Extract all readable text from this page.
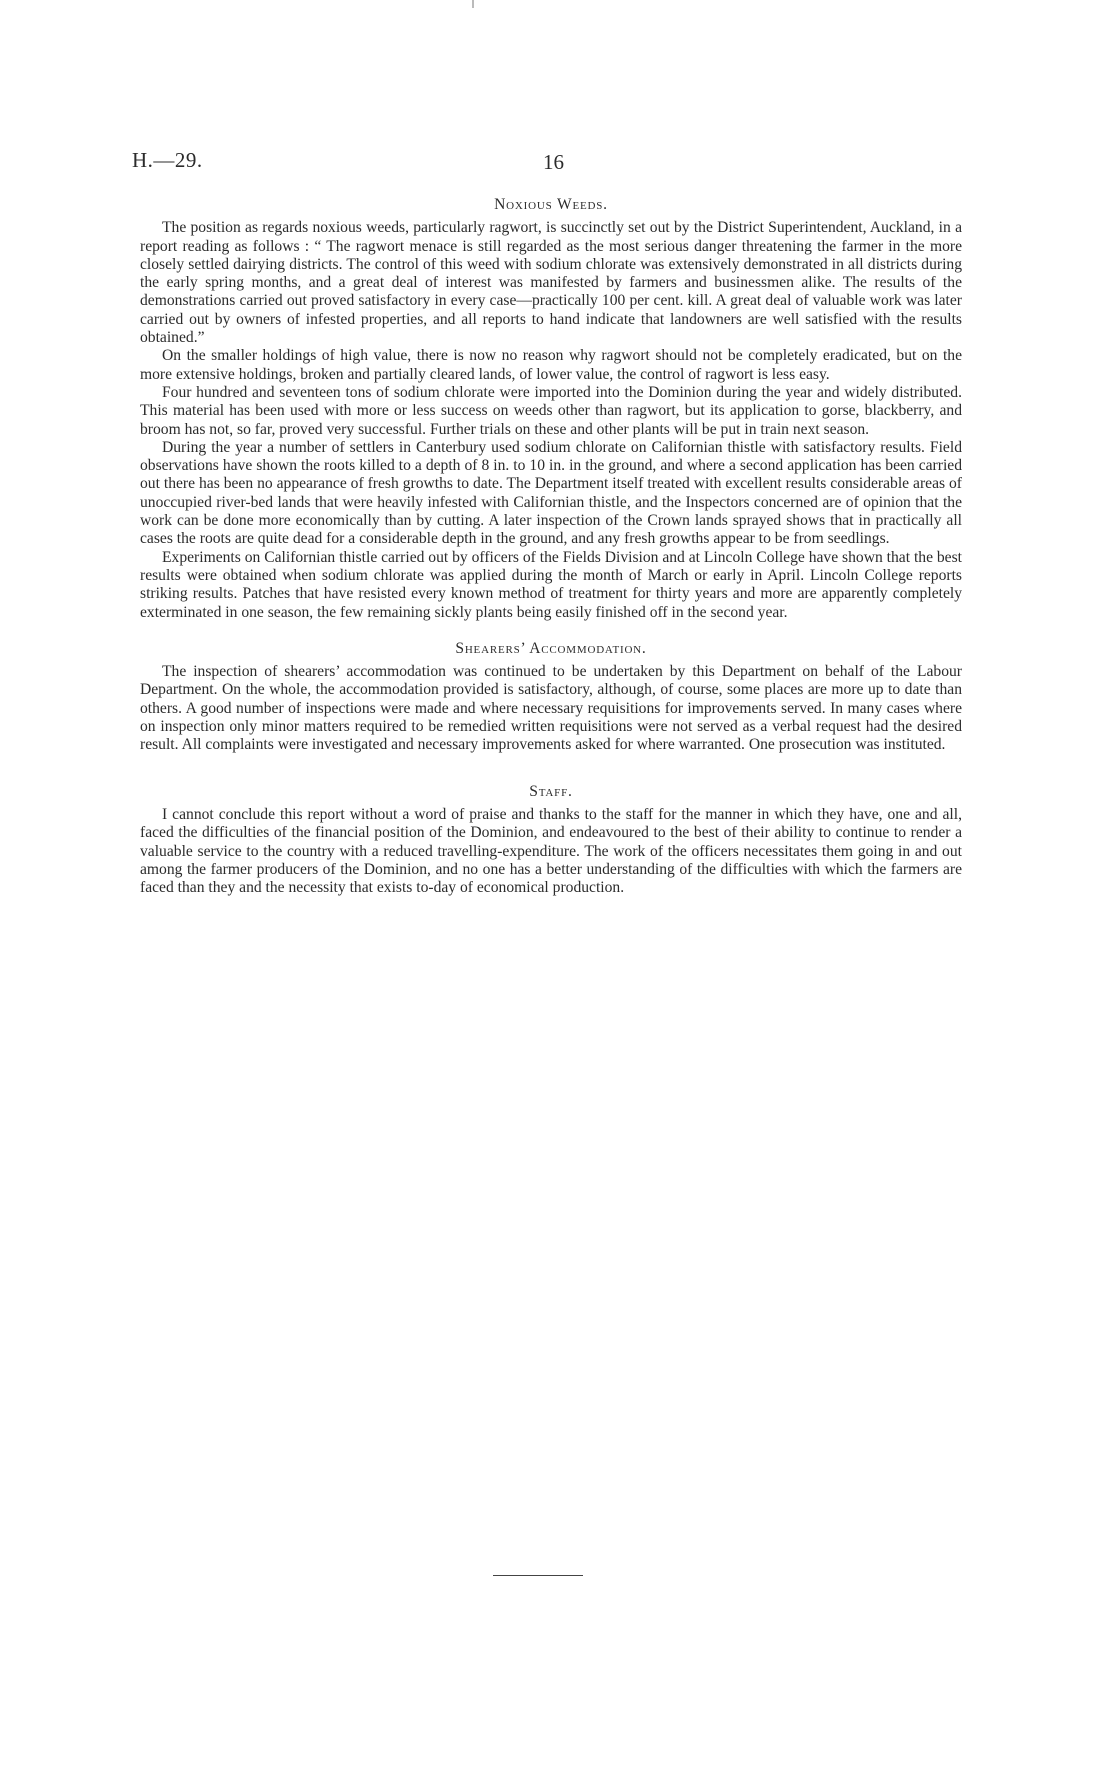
H.—29.	16
Noxious Weeds.

The position as regards noxious weeds, particularly ragwort, is succinctly set out by the District Superintendent, Auckland, in a report reading as follows : “ The ragwort menace is still regarded as the most serious danger threatening the farmer in the more closely settled dairying districts. The control of this weed with sodium chlorate was extensively demonstrated in all districts during the early spring months, and a great deal of interest was manifested by farmers and businessmen alike. The results of the demonstrations carried out proved satisfactory in every case—practically 100 per cent. kill. A great deal of valuable work was later carried out by owners of infested properties, and all reports to hand indicate that landowners are well satisfied with the results obtained.”

On the smaller holdings of high value, there is now no reason why ragwort should not be completely eradicated, but on the more extensive holdings, broken and partially cleared lands, of lower value, the control of ragwort is less easy.

Four hundred and seventeen tons of sodium chlorate were imported into the Dominion during the year and widely distributed. This material has been used with more or less success on weeds other than ragwort, but its application to gorse, blackberry, and broom has not, so far, proved very successful. Further trials on these and other plants will be put in train next season.

During the year a number of settlers in Canterbury used sodium chlorate on Californian thistle with satisfactory results. Field observations have shown the roots killed to a depth of 8 in. to 10 in. in the ground, and where a second application has been carried out there has been no appearance of fresh growths to date. The Department itself treated with excellent results considerable areas of unoccupied river-bed lands that were heavily infested with Californian thistle, and the Inspectors concerned are of opinion that the work can be done more economically than by cutting. A later inspection of the Crown lands sprayed shows that in practically all cases the roots are quite dead for a considerable depth in the ground, and any fresh growths appear to be from seedlings.

Experiments on Californian thistle carried out by officers of the Fields Division and at Lincoln College have shown that the best results were obtained when sodium chlorate was applied during the month of March or early in April. Lincoln College reports striking results. Patches that have resisted every known method of treatment for thirty years and more are apparently completely exterminated in one season, the few remaining sickly plants being easily finished off in the second year.

Shearers’ Accommodation.

The inspection of shearers’ accommodation was continued to be undertaken by this Department on behalf of the Labour Department. On the whole, the accommodation provided is satisfactory, although, of course, some places are more up to date than others. A good number of inspections were made and where necessary requisitions for improvements served. In many cases where on inspection only minor matters required to be remedied written requisitions were not served as a verbal request had the desired result. All complaints were investigated and necessary improvements asked for where warranted. One prosecution was instituted.

Staff.

I cannot conclude this report without a word of praise and thanks to the staff for the manner in which they have, one and all, faced the difficulties of the financial position of the Dominion, and endeavoured to the best of their ability to continue to render a valuable service to the country with a reduced travelling-expenditure. The work of the officers necessitates them going in and out among the farmer producers of the Dominion, and no one has a better understanding of the difficulties with which the farmers are faced than they and the necessity that exists to-day of economical production.
